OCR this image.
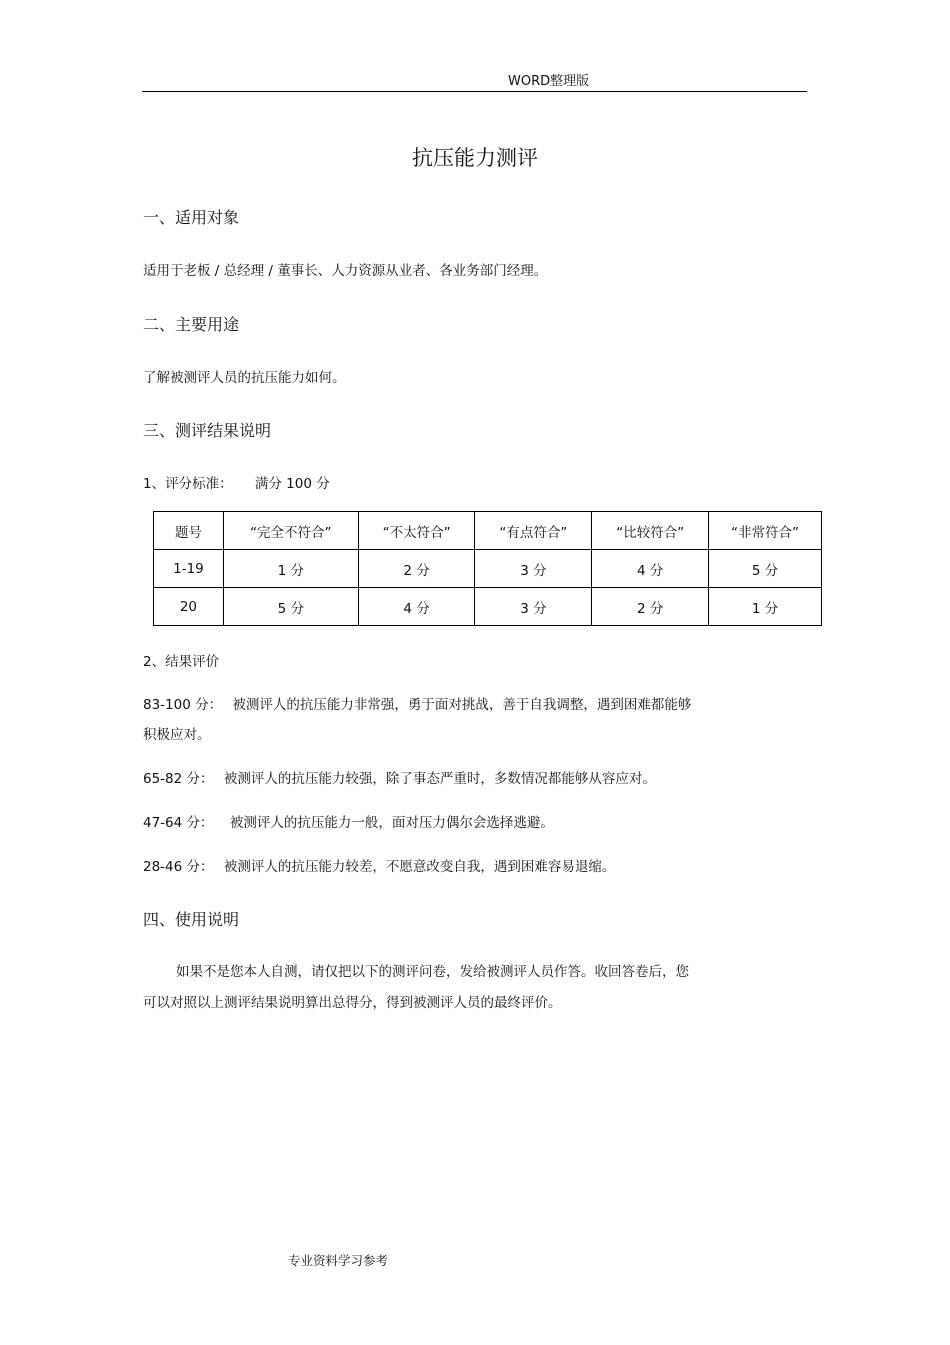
WORD整理版
抗压能力测评
一、适用对象
适用于老板 / 总经理 / 董事长、人力资源从业者、各业务部门经理。
二、主要用途
了解被测评人员的抗压能力如何。
三、测评结果说明
1、评分标准： 满分 100 分
题号	“完全不符合”	“不太符合”	“有点符合”	“比较符合”	“非常符合”
1-19	1 分	2 分	3 分	4 分	5 分
20	5 分	4 分	3 分	2 分	1 分
2、结果评价
83-100 分： 被测评人的抗压能力非常强，勇于面对挑战，善于自我调整，遇到困难都能够
积极应对。
65-82 分： 被测评人的抗压能力较强，除了事态严重时，多数情况都能够从容应对。
47-64 分： 被测评人的抗压能力一般，面对压力偶尔会选择逃避。
28-46 分： 被测评人的抗压能力较差，不愿意改变自我，遇到困难容易退缩。
四、使用说明
如果不是您本人自测，请仅把以下的测评问卷，发给被测评人员作答。收回答卷后，您
可以对照以上测评结果说明算出总得分，得到被测评人员的最终评价。
专业资料学习参考
